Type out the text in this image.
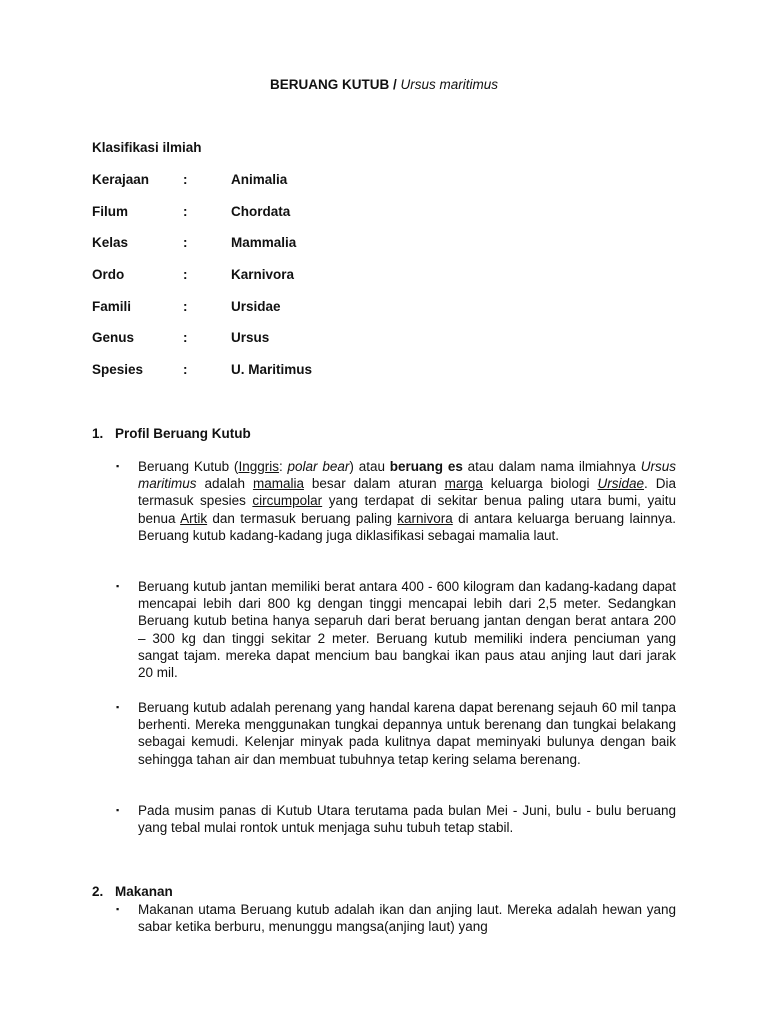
BERUANG KUTUB / Ursus maritimus
Klasifikasi ilmiah
Kerajaan	:	Animalia
Filum	:	Chordata
Kelas	:	Mammalia
Ordo	:	Karnivora
Famili	:	Ursidae
Genus	:	Ursus
Spesies	:	U. Maritimus
1. Profil Beruang Kutub
▪ Beruang Kutub (Inggris: polar bear) atau beruang es atau dalam nama ilmiahnya Ursus maritimus adalah mamalia besar dalam aturan marga keluarga biologi Ursidae. Dia termasuk spesies circumpolar yang terdapat di sekitar benua paling utara bumi, yaitu benua Artik dan termasuk beruang paling karnivora di antara keluarga beruang lainnya. Beruang kutub kadang-kadang juga diklasifikasi sebagai mamalia laut.
▪ Beruang kutub jantan memiliki berat antara 400 - 600 kilogram dan kadang-kadang dapat mencapai lebih dari 800 kg dengan tinggi mencapai lebih dari 2,5 meter. Sedangkan Beruang kutub betina hanya separuh dari berat beruang jantan dengan berat antara 200 – 300 kg dan tinggi sekitar 2 meter. Beruang kutub memiliki indera penciuman yang sangat tajam. mereka dapat mencium bau bangkai ikan paus atau anjing laut dari jarak 20 mil.
▪ Beruang kutub adalah perenang yang handal karena dapat berenang sejauh 60 mil tanpa berhenti. Mereka menggunakan tungkai depannya untuk berenang dan tungkai belakang sebagai kemudi. Kelenjar minyak pada kulitnya dapat meminyaki bulunya dengan baik sehingga tahan air dan membuat tubuhnya tetap kering selama berenang.
▪ Pada musim panas di Kutub Utara terutama pada bulan Mei - Juni, bulu - bulu beruang yang tebal mulai rontok untuk menjaga suhu tubuh tetap stabil.
2. Makanan
▪ Makanan utama Beruang kutub adalah ikan dan anjing laut. Mereka adalah hewan yang sabar ketika berburu, menunggu mangsa(anjing laut) yang
